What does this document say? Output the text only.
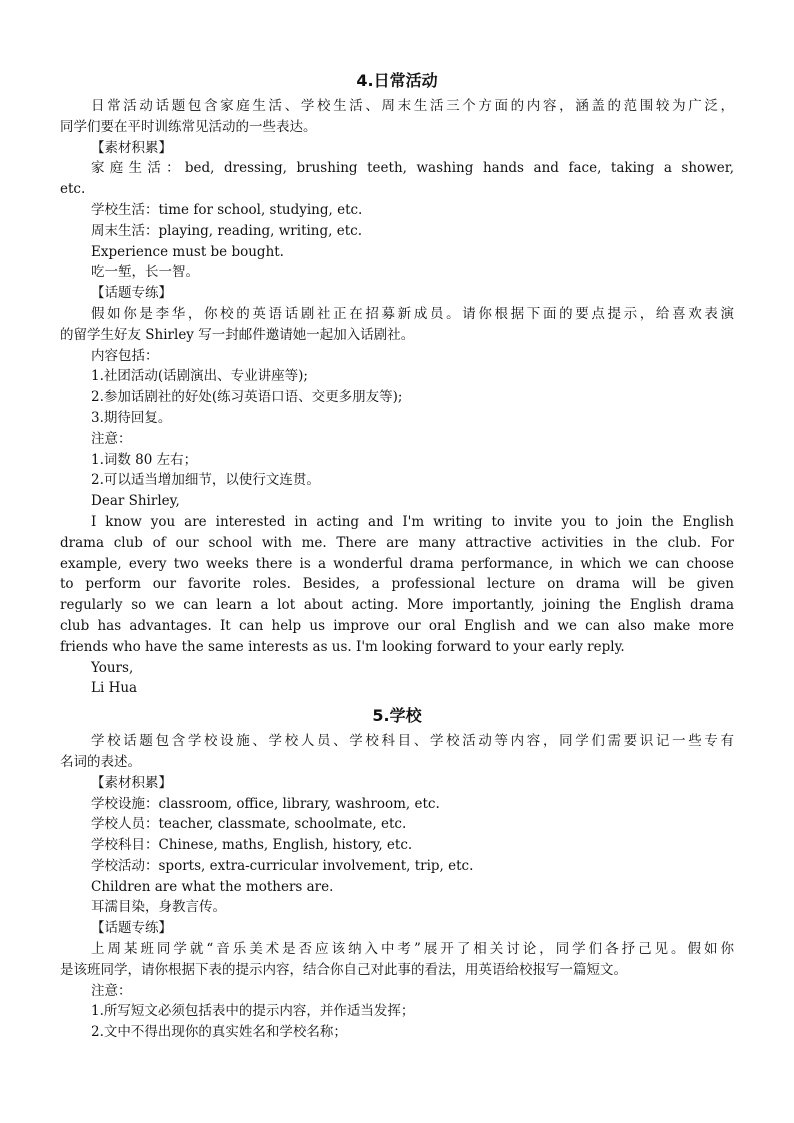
4.日常活动
日常活动话题包含家庭生活、学校生活、周末生活三个方面的内容，涵盖的范围较为广泛，
同学们要在平时训练常见活动的一些表达。
【素材积累】
家庭生活：bed, dressing, brushing teeth, washing hands and face, taking a shower,
etc.
学校生活：time for school, studying, etc.
周末生活：playing, reading, writing, etc.
Experience must be bought.
吃一堑，长一智。
【话题专练】
假如你是李华，你校的英语话剧社正在招募新成员。请你根据下面的要点提示，给喜欢表演
的留学生好友 Shirley 写一封邮件邀请她一起加入话剧社。
内容包括：
1.社团活动(话剧演出、专业讲座等);
2.参加话剧社的好处(练习英语口语、交更多朋友等);
3.期待回复。
注意：
1.词数 80 左右；
2.可以适当增加细节，以使行文连贯。
Dear Shirley,
I know you are interested in acting and I'm writing to invite you to join the English
drama club of our school with me. There are many attractive activities in the club. For
example, every two weeks there is a wonderful drama performance, in which we can choose
to perform our favorite roles. Besides, a professional lecture on drama will be given
regularly so we can learn a lot about acting. More importantly, joining the English drama
club has advantages. It can help us improve our oral English and we can also make more
friends who have the same interests as us. I'm looking forward to your early reply.
Yours,
Li Hua
5.学校
学校话题包含学校设施、学校人员、学校科目、学校活动等内容，同学们需要识记一些专有
名词的表述。
【素材积累】
学校设施：classroom, office, library, washroom, etc.
学校人员：teacher, classmate, schoolmate, etc.
学校科目：Chinese, maths, English, history, etc.
学校活动：sports, extra-curricular involvement, trip, etc.
Children are what the mothers are.
耳濡目染，身教言传。
【话题专练】
上周某班同学就“音乐美术是否应该纳入中考”展开了相关讨论，同学们各抒己见。假如你
是该班同学，请你根据下表的提示内容，结合你自己对此事的看法，用英语给校报写一篇短文。
注意：
1.所写短文必须包括表中的提示内容，并作适当发挥；
2.文中不得出现你的真实姓名和学校名称；
